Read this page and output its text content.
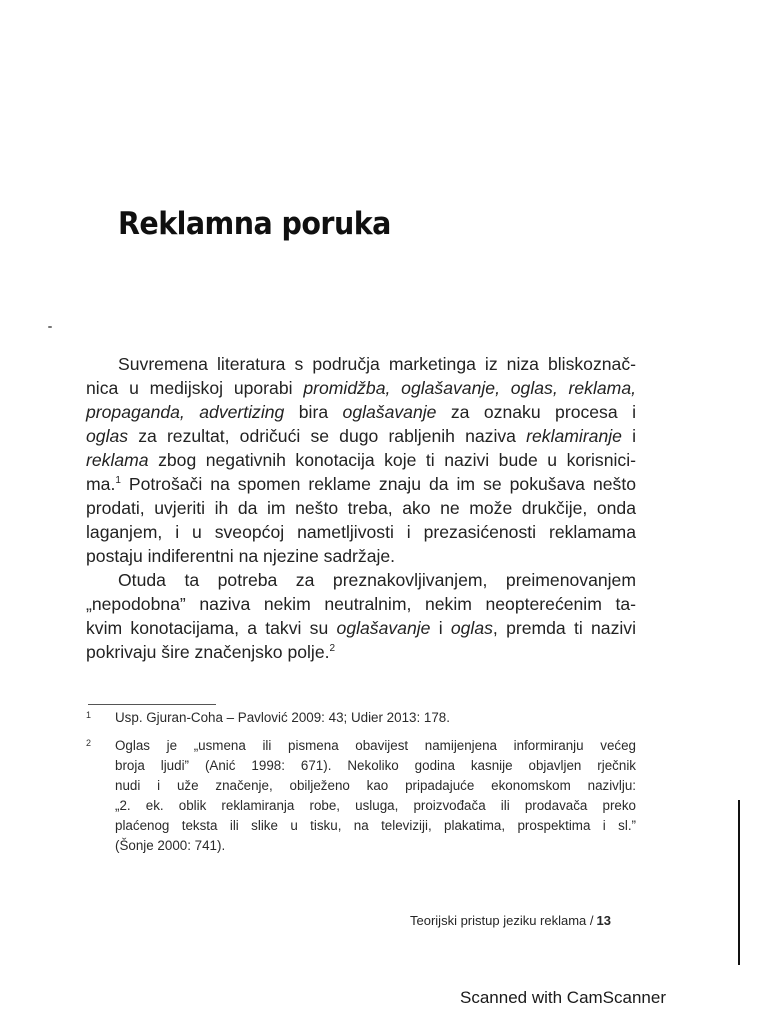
Reklamna poruka
Suvremena literatura s područja marketinga iz niza bliskoznač-
nica u medijskoj uporabi promidžba, oglašavanje, oglas, reklama,
propaganda, advertizing bira oglašavanje za oznaku procesa i
oglas za rezultat, odričući se dugo rabljenih naziva reklamiranje i
reklama zbog negativnih konotacija koje ti nazivi bude u korisnici-
ma.$^1$ Potrošači na spomen reklame znaju da im se pokušava nešto
prodati, uvjeriti ih da im nešto treba, ako ne može drukčije, onda
laganjem, i u sveopćoj nametljivosti i prezasićenosti reklamama
postaju indiferentni na njezine sadržaje.
Otuda ta potreba za preznakovljivanjem, preimenovanjem
„nepodobna” naziva nekim neutralnim, nekim neopterećenim ta-
kvim konotacijama, a takvi su oglašavanje i oglas, premda ti nazivi
pokrivaju šire značenjsko polje.$^2$
1 Usp. Gjuran-Coha – Pavlović 2009: 43; Udier 2013: 178.
2 Oglas je „usmena ili pismena obavijest namijenjena informiranju većeg
broja ljudi” (Anić 1998: 671). Nekoliko godina kasnije objavljen rječnik
nudi i uže značenje, obilježeno kao pripadajuće ekonomskom nazivlju:
„2. ek. oblik reklamiranja robe, usluga, proizvođača ili prodavača preko
plaćenog teksta ili slike u tisku, na televiziji, plakatima, prospektima i sl.”
(Šonje 2000: 741).
Teorijski pristup jeziku reklama / 13
Scanned with CamScanner
